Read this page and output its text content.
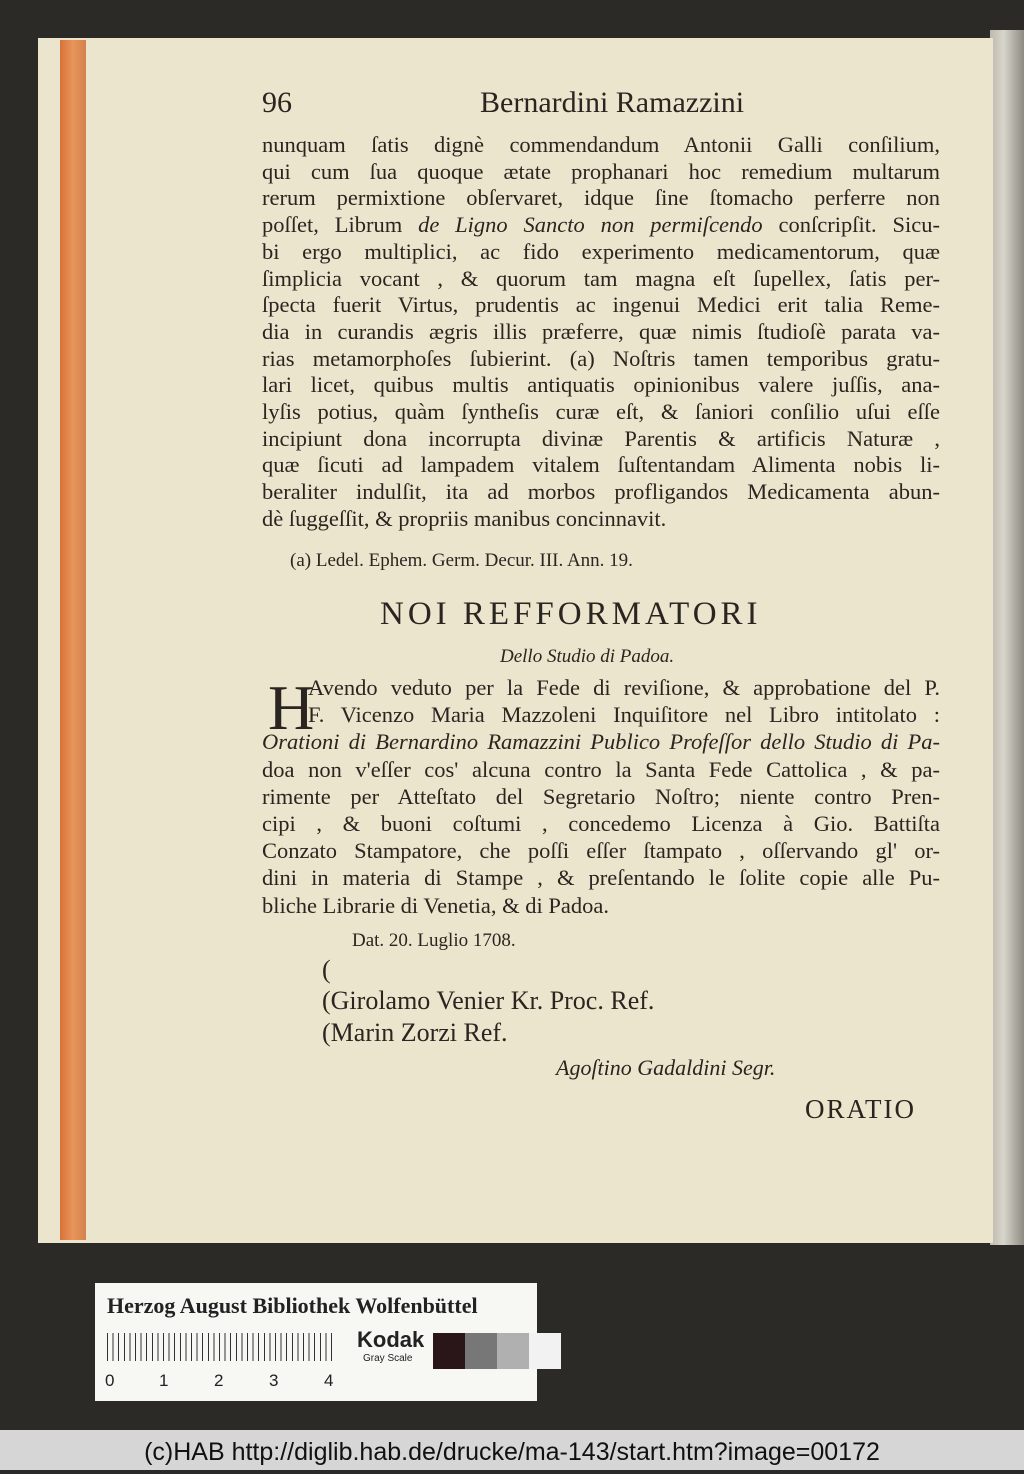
96	Bernardini Ramazzini
nunquam ſatis dignè commendandum Antonii Galli conſilium,
qui cum ſua quoque ætate prophanari hoc remedium multarum
rerum permixtione obſervaret, idque ſine ſtomacho perferre non
poſſet, Librum de Ligno Sancto non permiſcendo conſcripſit. Sicu-
bi ergo multiplici, ac fido experimento medicamentorum, quæ
ſimplicia vocant , & quorum tam magna eſt ſupellex, ſatis per-
ſpecta fuerit Virtus, prudentis ac ingenui Medici erit talia Reme-
dia in curandis ægris illis præferre, quæ nimis ſtudioſè parata va-
rias metamorphoſes ſubierint. (a) Noſtris tamen temporibus gratu-
lari licet, quibus multis antiquatis opinionibus valere juſſis, ana-
lyſis potius, quàm ſyntheſis curæ eſt, & ſaniori conſilio uſui eſſe
incipiunt dona incorrupta divinæ Parentis & artificis Naturæ ,
quæ ſicuti ad lampadem vitalem ſuſtentandam Alimenta nobis li-
beraliter indulſit, ita ad morbos profligandos Medicamenta abun-
dè ſuggeſſit, & propriis manibus concinnavit.
(a) Ledel. Ephem. Germ. Decur. III. Ann. 19.
NOI REFFORMATORI
Dello Studio di Padoa.
H
Avendo veduto per la Fede di reviſione, & approbatione del P.
F. Vicenzo Maria Mazzoleni Inquiſitore nel Libro intitolato :
Orationi di Bernardino Ramazzini Publico Profeſſor dello Studio di Pa-
doa non v'eſſer cos' alcuna contro la Santa Fede Cattolica , & pa-
rimente per Atteſtato del Segretario Noſtro; niente contro Pren-
cipi , & buoni coſtumi , concedemo Licenza à Gio. Battiſta
Conzato Stampatore, che poſſi eſſer ſtampato , oſſervando gl' or-
dini in materia di Stampe , & preſentando le ſolite copie alle Pu-
bliche Librarie di Venetia, & di Padoa.
Dat. 20. Luglio 1708.
(
(Girolamo Venier Kr. Proc. Ref.
(Marin Zorzi Ref.
Agoſtino Gadaldini Segr.
ORATIO
Herzog August Bibliothek Wolfenbüttel
0	1	2	3	4
Kodak
Gray Scale
(c)HAB http://diglib.hab.de/drucke/ma-143/start.htm?image=00172
